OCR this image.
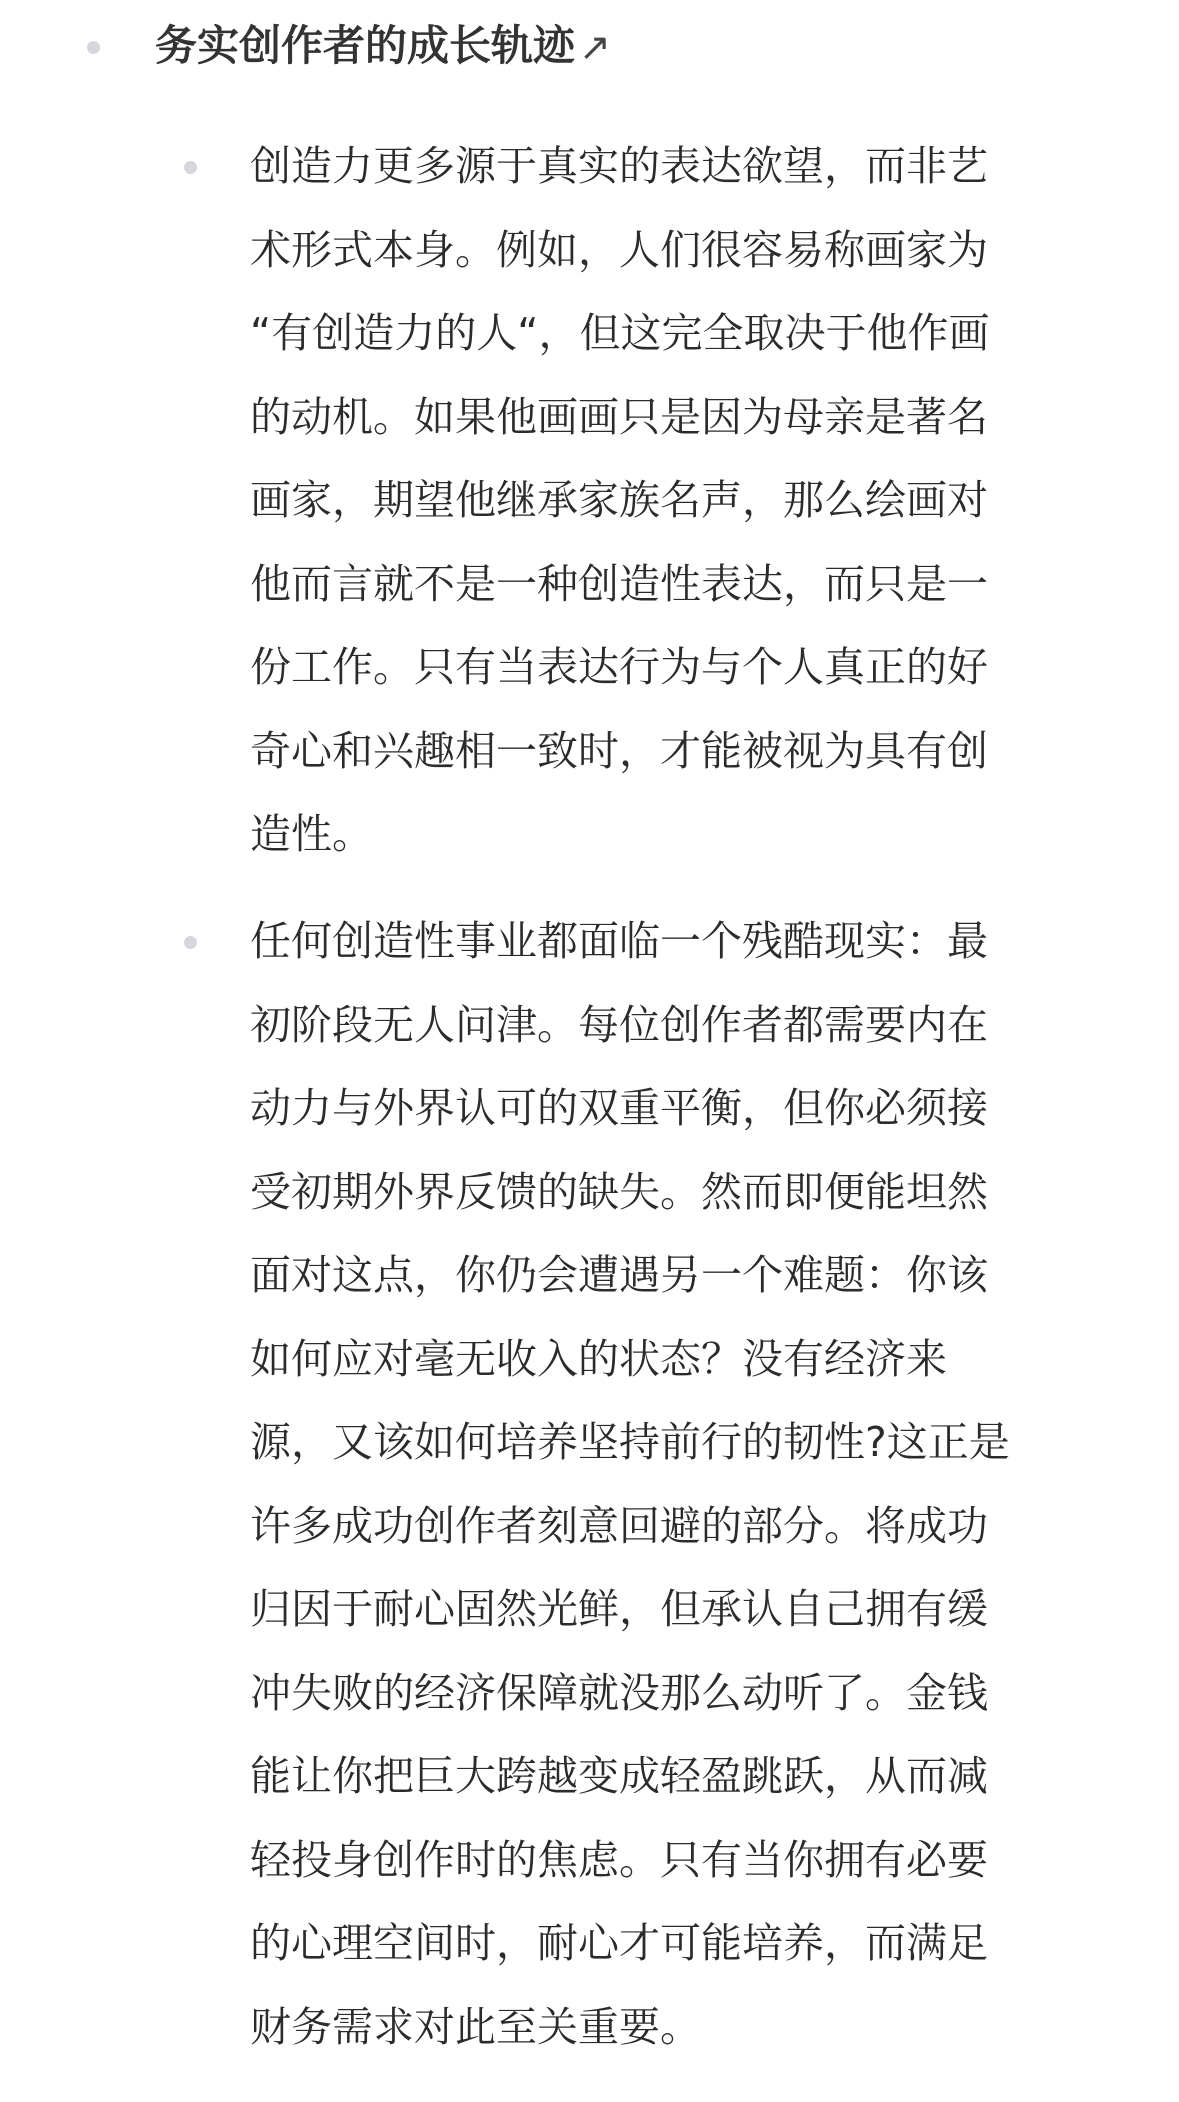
务实创作者的成长轨迹 ↗

创造力更多源于真实的表达欲望，而非艺
术形式本身。例如，人们很容易称画家为
“有创造力的人“，但这完全取决于他作画
的动机。如果他画画只是因为母亲是著名
画家，期望他继承家族名声，那么绘画对
他而言就不是一种创造性表达，而只是一
份工作。只有当表达行为与个人真正的好
奇心和兴趣相一致时，才能被视为具有创
造性。

任何创造性事业都面临一个残酷现实：最
初阶段无人问津。每位创作者都需要内在
动力与外界认可的双重平衡，但你必须接
受初期外界反馈的缺失。然而即便能坦然
面对这点，你仍会遭遇另一个难题：你该
如何应对毫无收入的状态？没有经济来
源，又该如何培养坚持前行的韧性?这正是
许多成功创作者刻意回避的部分。将成功
归因于耐心固然光鲜，但承认自己拥有缓
冲失败的经济保障就没那么动听了。金钱
能让你把巨大跨越变成轻盈跳跃，从而减
轻投身创作时的焦虑。只有当你拥有必要
的心理空间时，耐心才可能培养，而满足
财务需求对此至关重要。
